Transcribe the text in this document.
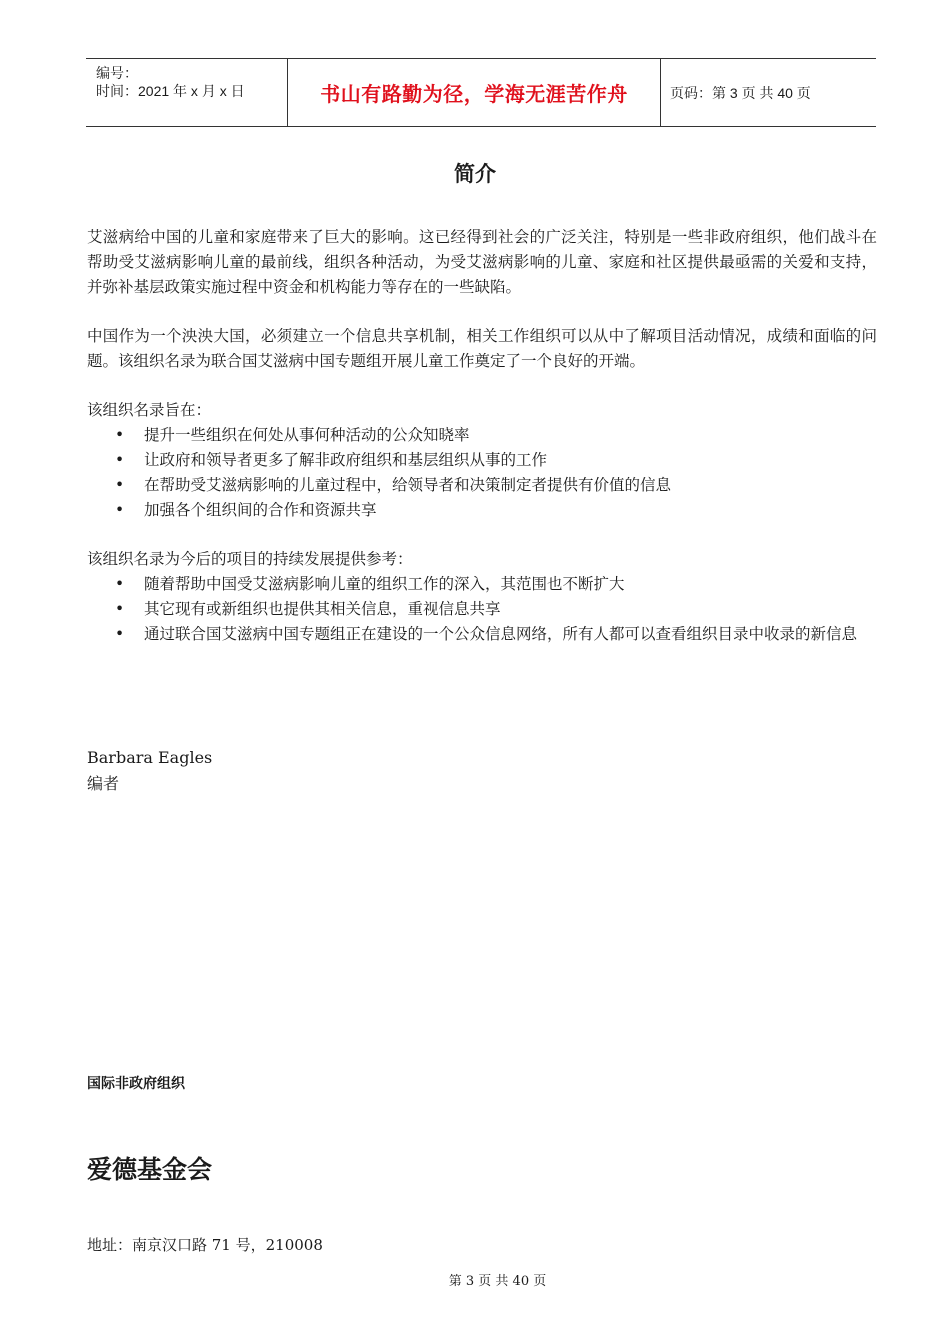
编号：
时间：2021 年 x 月 x 日	书山有路勤为径，学海无涯苦作舟	页码：第 3 页 共 40 页
简介
艾滋病给中国的儿童和家庭带来了巨大的影响。这已经得到社会的广泛关注，特别是一些非政府组织，他们战斗在帮助受艾滋病影响儿童的最前线，组织各种活动，为受艾滋病影响的儿童、家庭和社区提供最亟需的关爱和支持，并弥补基层政策实施过程中资金和机构能力等存在的一些缺陷。
中国作为一个泱泱大国，必须建立一个信息共享机制，相关工作组织可以从中了解项目活动情况，成绩和面临的问题。该组织名录为联合国艾滋病中国专题组开展儿童工作奠定了一个良好的开端。
该组织名录旨在：
• 提升一些组织在何处从事何种活动的公众知晓率
• 让政府和领导者更多了解非政府组织和基层组织从事的工作
• 在帮助受艾滋病影响的儿童过程中，给领导者和决策制定者提供有价值的信息
• 加强各个组织间的合作和资源共享
该组织名录为今后的项目的持续发展提供参考：
• 随着帮助中国受艾滋病影响儿童的组织工作的深入，其范围也不断扩大
• 其它现有或新组织也提供其相关信息，重视信息共享
• 通过联合国艾滋病中国专题组正在建设的一个公众信息网络，所有人都可以查看组织目录中收录的新信息
Barbara Eagles
编者
国际非政府组织
爱德基金会
地址：南京汉口路 71 号，210008
第 3 页 共 40 页
